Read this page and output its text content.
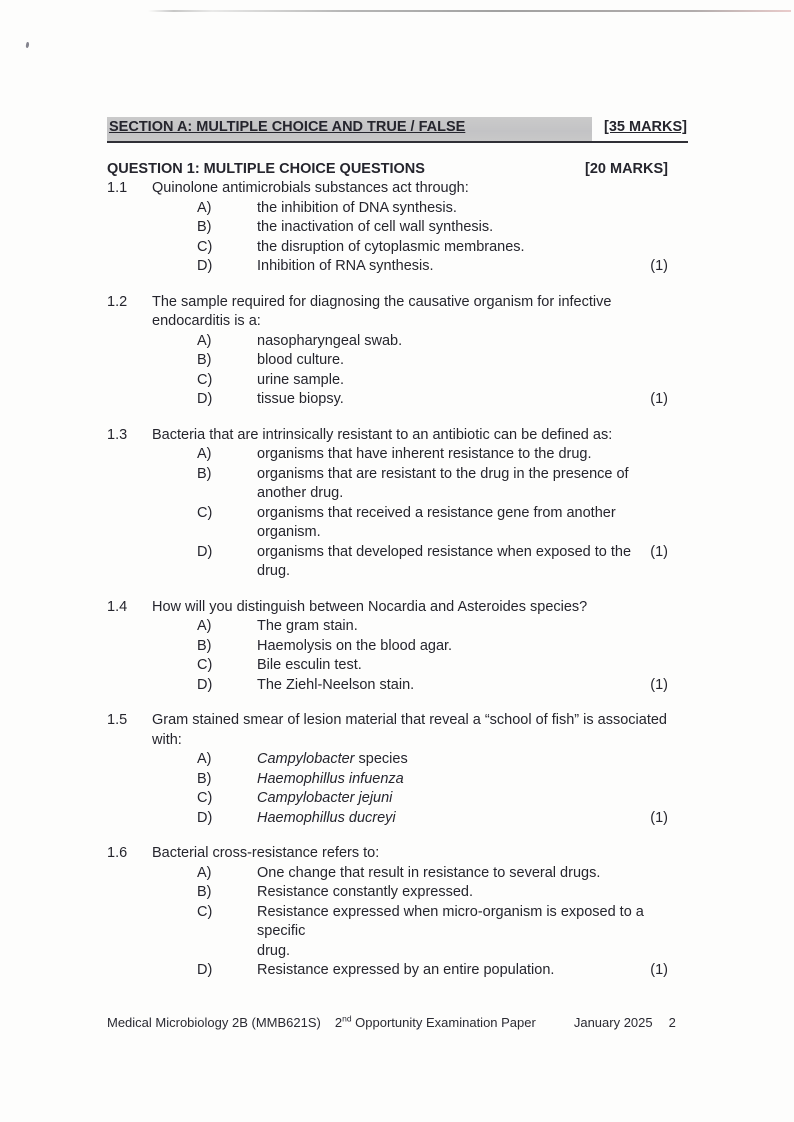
SECTION A: MULTIPLE CHOICE AND TRUE / FALSE	[35 MARKS]
QUESTION 1: MULTIPLE CHOICE QUESTIONS	[20 MARKS]
1.1	Quinolone antimicrobials substances act through:
A)	the inhibition of DNA synthesis.
B)	the inactivation of cell wall synthesis.
C)	the disruption of cytoplasmic membranes.
D)	Inhibition of RNA synthesis.	(1)
1.2	The sample required for diagnosing the causative organism for infective
endocarditis is a:
A)	nasopharyngeal swab.
B)	blood culture.
C)	urine sample.
D)	tissue biopsy.	(1)
1.3	Bacteria that are intrinsically resistant to an antibiotic can be defined as:
A)	organisms that have inherent resistance to the drug.
B)	organisms that are resistant to the drug in the presence of another drug.
C)	organisms that received a resistance gene from another organism.
D)	organisms that developed resistance when exposed to the drug.
(1)
1.4	How will you distinguish between Nocardia and Asteroides species?
A)	The gram stain.
B)	Haemolysis on the blood agar.
C)	Bile esculin test.
D)	The Ziehl-Neelson stain.	(1)
1.5	Gram stained smear of lesion material that reveal a “school of fish” is associated
with:
A)	Campylobacter species
B)	Haemophillus infuenza
C)	Campylobacter jejuni
D)	Haemophillus ducreyi	(1)
1.6	Bacterial cross-resistance refers to:
A)	One change that result in resistance to several drugs.
B)	Resistance constantly expressed.
C)	Resistance expressed when micro-organism is exposed to a specific
drug.
D)	Resistance expressed by an entire population.	(1)
Medical Microbiology 2B (MMB621S) 2nd Opportunity Examination Paper	January 2025 2
